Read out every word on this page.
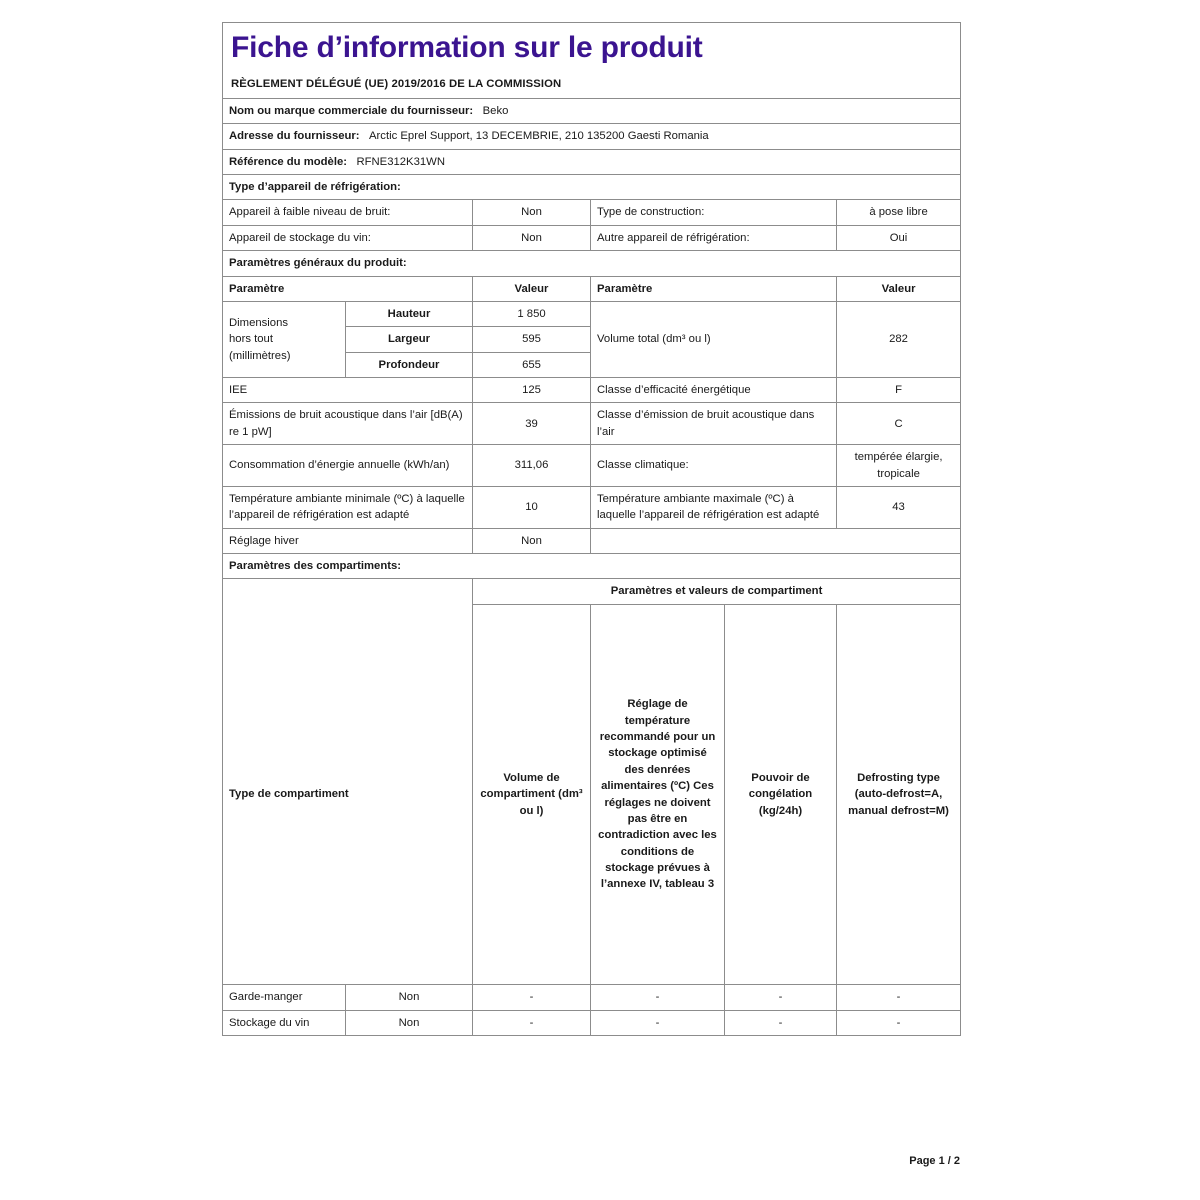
Fiche d’information sur le produit
RÈGLEMENT DÉLÉGUÉ (UE) 2019/2016 DE LA COMMISSION					

Nom ou marque commerciale du fournisseur: Beko					
Adresse du fournisseur: Arctic Eprel Support, 13 DECEMBRIE, 210 135200 Gaesti Romania					
Référence du modèle: RFNE312K31WN					
Type d’appareil de réfrigération:					
Appareil à faible niveau de bruit:		Non	Type de construction:		à pose libre
Appareil de stockage du vin:		Non	Autre appareil de réfrigération:		Oui
Paramètres généraux du produit:					
Paramètre		Valeur	Paramètre		Valeur

Dimensions
hors tout
(millimètres)	Hauteur	1 850	Volume total (dm³ ou l)		282
	Largeur	595			
	Profondeur	655			
IEE		125	Classe d’efficacité énergétique		F
Émissions de bruit acoustique dans l’air [dB(A) re 1 pW]		39	Classe d’émission de bruit acoustique dans l’air		C
Consommation d’énergie annuelle (kWh/an)		311,06	Classe climatique:		tempérée élargie, tropicale
Température ambiante minimale (ºC) à laquelle l’appareil de réfrigération est adapté		10	Température ambiante maximale (ºC) à laquelle l’appareil de réfrigération est adapté		43
Réglage hiver		Non			
Paramètres des compartiments:					
		Paramètres et valeurs de compartiment			
Type de compartiment		Volume de compartiment (dm³ ou l)	Réglage de température recommandé pour un stockage optimisé des denrées alimentaires (ºC) Ces réglages ne doivent pas être en contradiction avec les conditions de stockage prévues à l’annexe IV, tableau 3	Pouvoir de congélation (kg/24h)	Defrosting type (auto-defrost=A, manual defrost=M)
Garde-manger	Non	-	-	-	-
Stockage du vin	Non	-	-	-	-
Page 1 / 2
